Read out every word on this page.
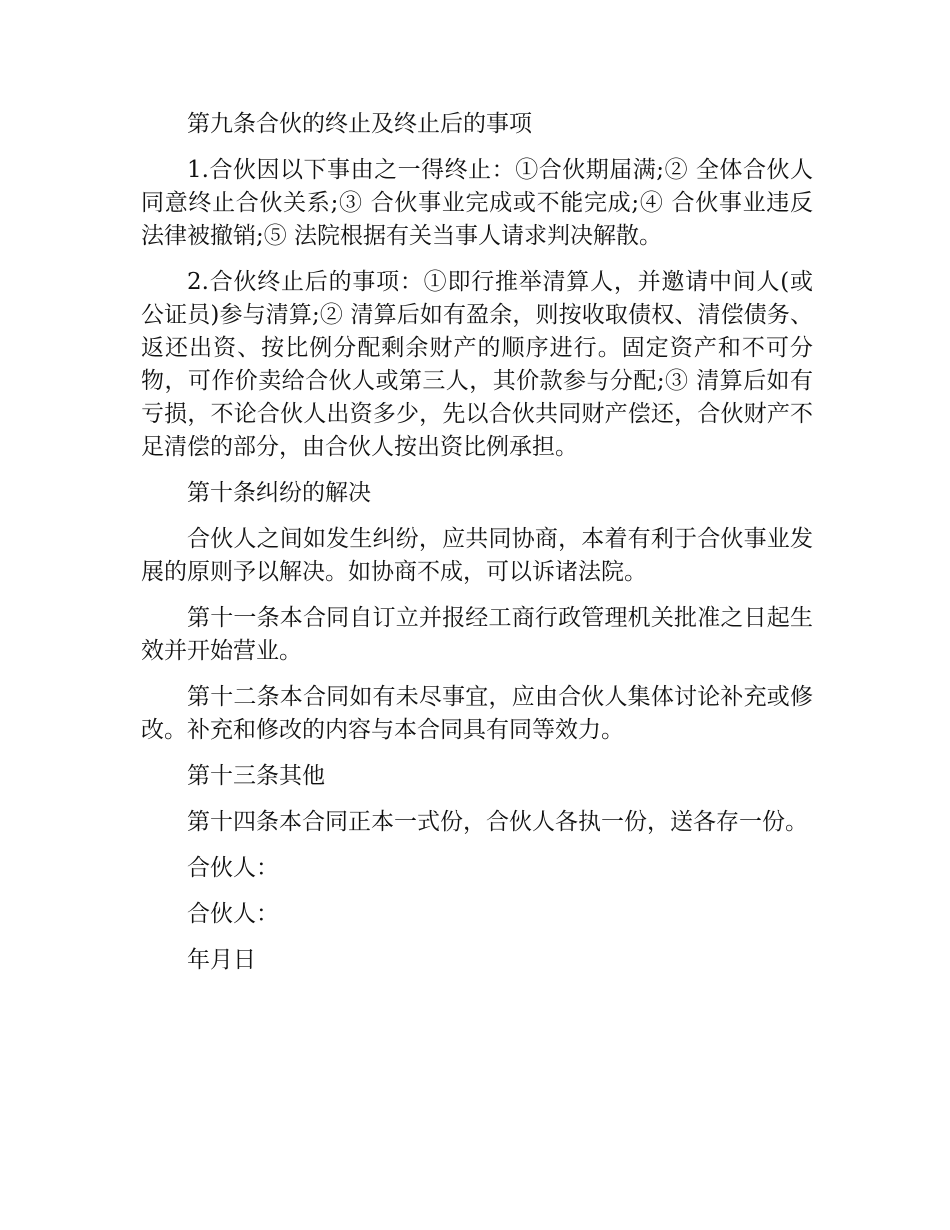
第九条合伙的终止及终止后的事项

1.合伙因以下事由之一得终止：①合伙期届满;② 全体合伙人同意终止合伙关系;③ 合伙事业完成或不能完成;④ 合伙事业违反法律被撤销;⑤ 法院根据有关当事人请求判决解散。

2.合伙终止后的事项：①即行推举清算人，并邀请中间人(或公证员)参与清算;② 清算后如有盈余，则按收取债权、清偿债务、返还出资、按比例分配剩余财产的顺序进行。固定资产和不可分物，可作价卖给合伙人或第三人，其价款参与分配;③ 清算后如有亏损，不论合伙人出资多少，先以合伙共同财产偿还，合伙财产不足清偿的部分，由合伙人按出资比例承担。

第十条纠纷的解决

合伙人之间如发生纠纷，应共同协商，本着有利于合伙事业发展的原则予以解决。如协商不成，可以诉诸法院。

第十一条本合同自订立并报经工商行政管理机关批准之日起生效并开始营业。

第十二条本合同如有未尽事宜，应由合伙人集体讨论补充或修改。补充和修改的内容与本合同具有同等效力。

第十三条其他

第十四条本合同正本一式份，合伙人各执一份，送各存一份。

合伙人：

合伙人：

年月日
